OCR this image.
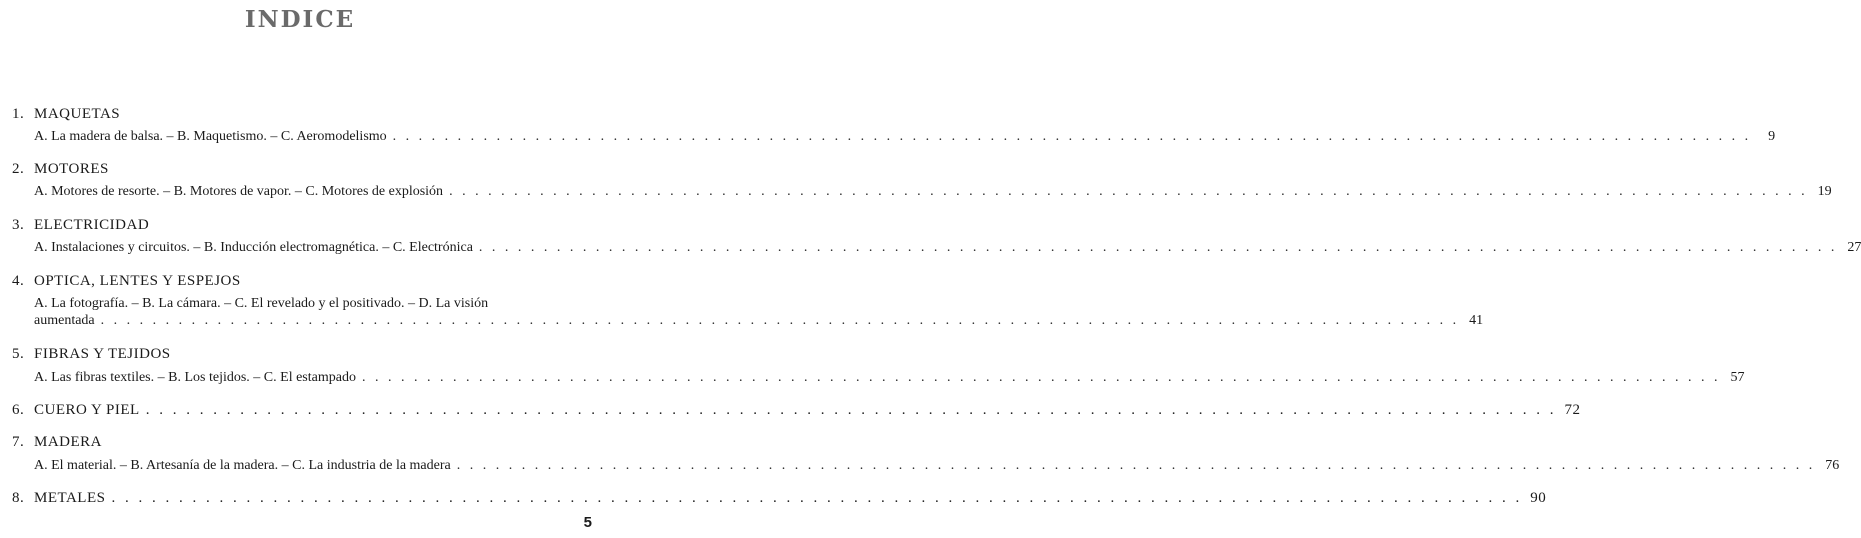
INDICE
1. MAQUETAS
A. La madera de balsa. – B. Maquetismo. – C. Aeromodelismo . . . . . . . . . . . . . . . . . . . . . . . . . . . . . . . . . . . . . . . . . . . . . . . . . . . . . . . . . . . . . . . . . . . . . . . . . . . . . . . . . . . . . . . . . . . . . . . . . . . . . . . . .	9
2. MOTORES
A. Motores de resorte. – B. Motores de vapor. – C. Motores de explosión . . . . . . . . . . . . . . . . . . . . . . . . . . . . . . . . . . . . . . . . . . . . . . . . . . . . . . . . . . . . . . . . . . . . . . . . . . . . . . . . . . . . . . . . . . . . . . . . . . . . . . . . . 19
3. ELECTRICIDAD
A. Instalaciones y circuitos. – B. Inducción electromagnética. – C. Electrónica . . . . . . . . . . . . . . . . . . . . . . . . . . . . . . . . . . . . . . . . . . . . . . . . . . . . . . . . . . . . . . . . . . . . . . . . . . . . . . . . . . . . . . . . . . . . . . . . . . . . . . . . . 27
4. OPTICA, LENTES Y ESPEJOS
A. La fotografía. – B. La cámara. – C. El revelado y el positivado. – D. La visión
aumentada . . . . . . . . . . . . . . . . . . . . . . . . . . . . . . . . . . . . . . . . . . . . . . . . . . . . . . . . . . . . . . . . . . . . . . . . . . . . . . . . . . . . . . . . . . . . . . . . . . . . . . . . . 41
5. FIBRAS Y TEJIDOS
A. Las fibras textiles. – B. Los tejidos. – C. El estampado . . . . . . . . . . . . . . . . . . . . . . . . . . . . . . . . . . . . . . . . . . . . . . . . . . . . . . . . . . . . . . . . . . . . . . . . . . . . . . . . . . . . . . . . . . . . . . . . . . . . . . . . . 57
6. CUERO Y PIEL . . . . . . . . . . . . . . . . . . . . . . . . . . . . . . . . . . . . . . . . . . . . . . . . . . . . . . . . . . . . . . . . . . . . . . . . . . . . . . . . . . . . . . . . . . . . . . . . . . . . . . . . . 72
7. MADERA
A. El material. – B. Artesanía de la madera. – C. La industria de la madera . . . . . . . . . . . . . . . . . . . . . . . . . . . . . . . . . . . . . . . . . . . . . . . . . . . . . . . . . . . . . . . . . . . . . . . . . . . . . . . . . . . . . . . . . . . . . . . . . . . . . . . . . 76
8. METALES . . . . . . . . . . . . . . . . . . . . . . . . . . . . . . . . . . . . . . . . . . . . . . . . . . . . . . . . . . . . . . . . . . . . . . . . . . . . . . . . . . . . . . . . . . . . . . . . . . . . . . . . . 90
5
